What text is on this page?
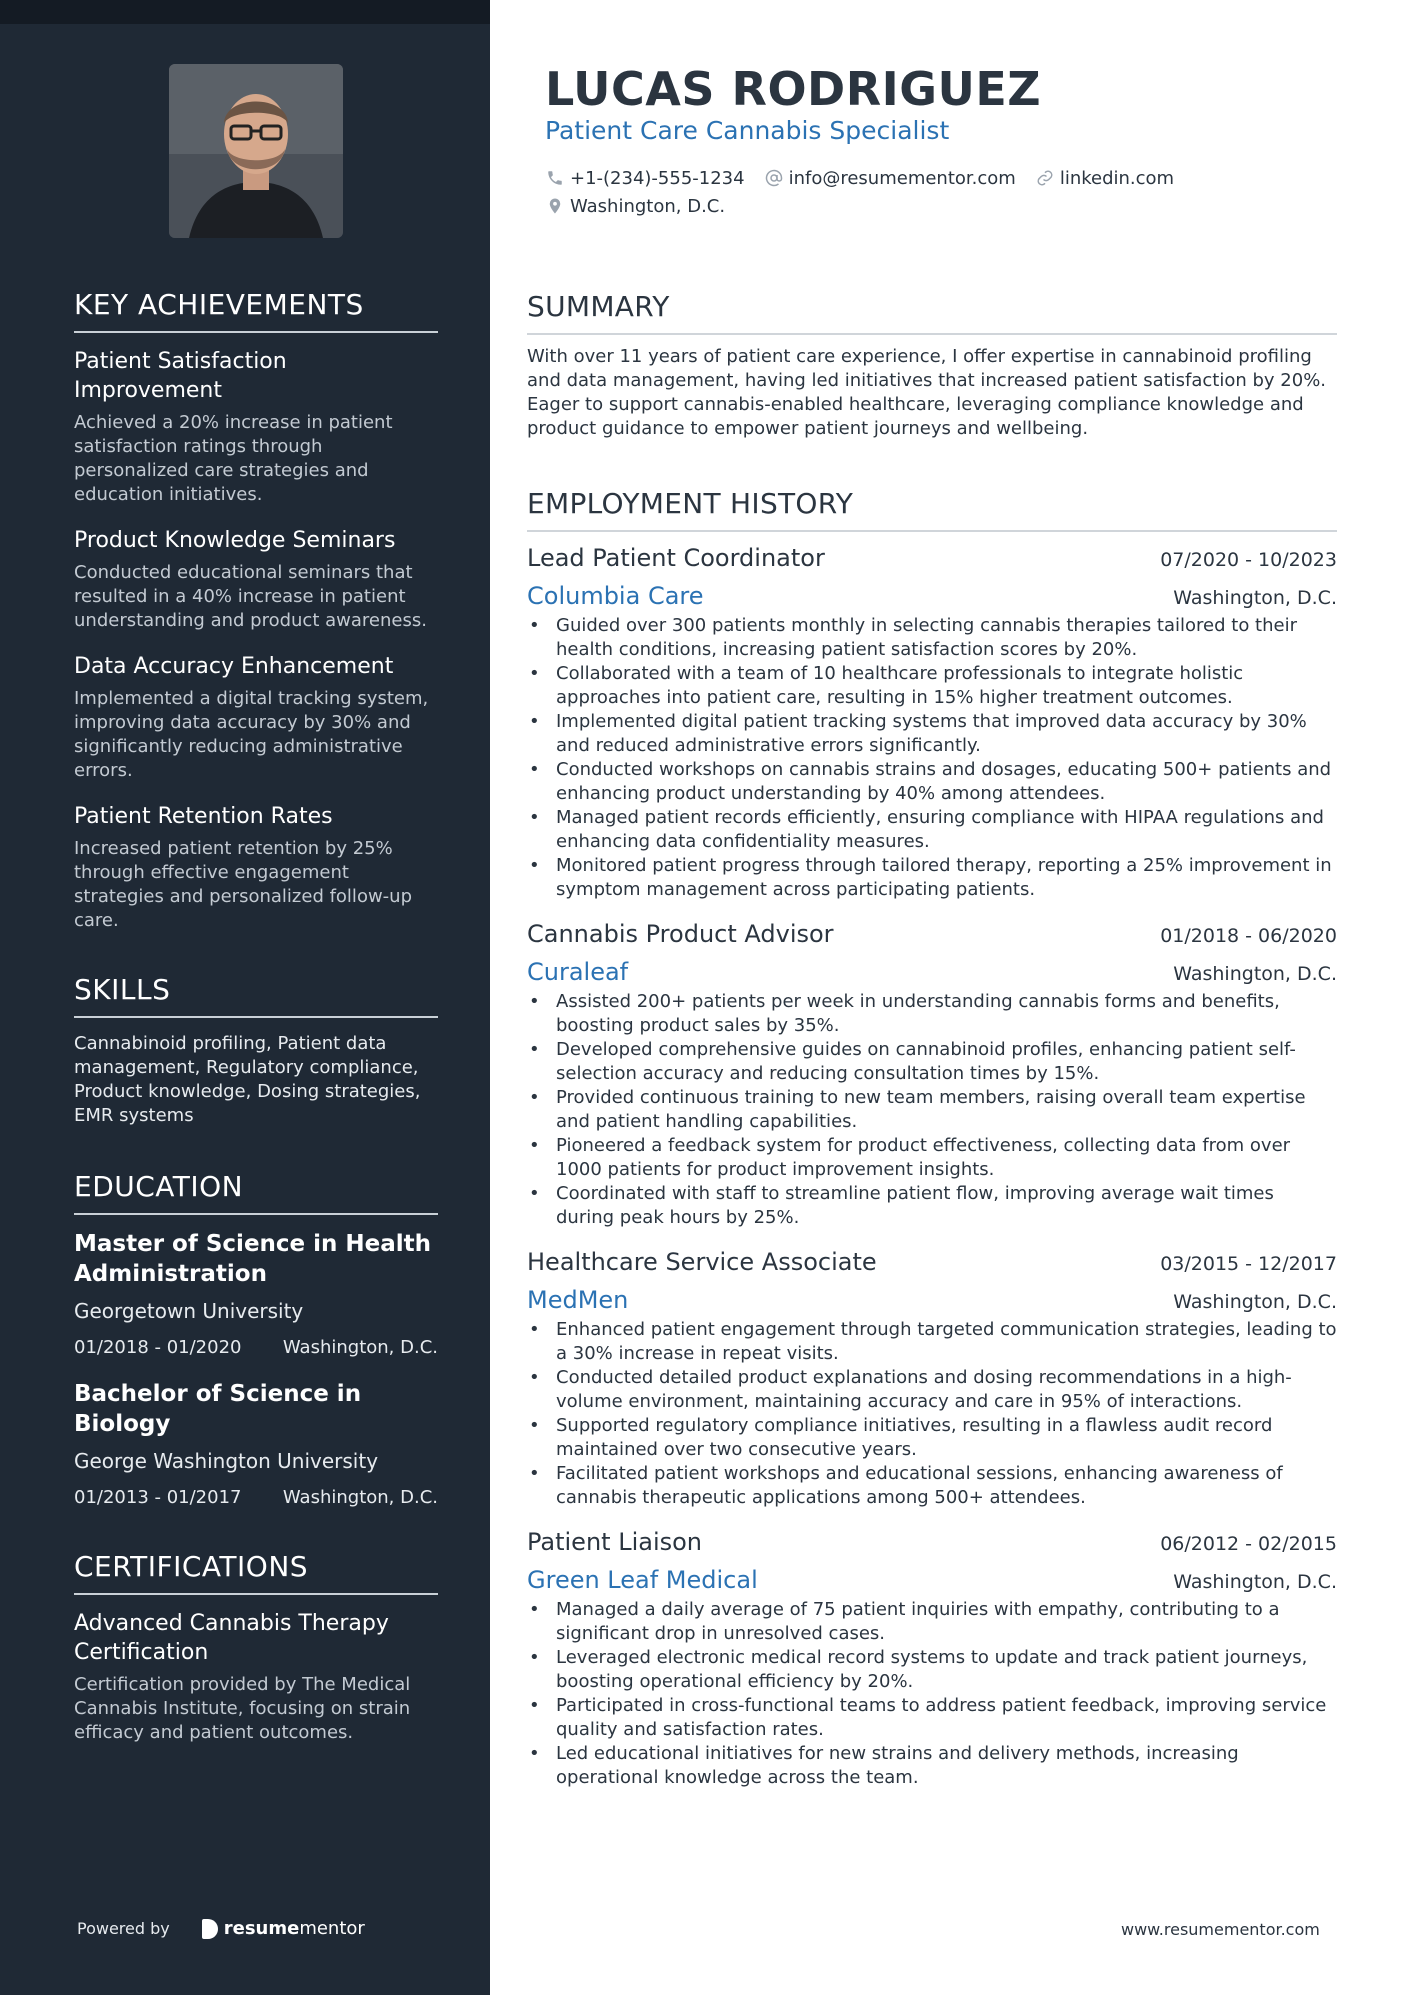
KEY ACHIEVEMENTS
Patient Satisfaction Improvement
Achieved a 20% increase in patient satisfaction ratings through personalized care strategies and education initiatives.
Product Knowledge Seminars
Conducted educational seminars that resulted in a 40% increase in patient understanding and product awareness.
Data Accuracy Enhancement
Implemented a digital tracking system, improving data accuracy by 30% and significantly reducing administrative errors.
Patient Retention Rates
Increased patient retention by 25% through effective engagement strategies and personalized follow-up care.
SKILLS
Cannabinoid profiling, Patient data management, Regulatory compliance, Product knowledge, Dosing strategies, EMR systems
EDUCATION
Master of Science in Health Administration
Georgetown University
01/2018 - 01/2020 Washington, D.C.
Bachelor of Science in Biology
George Washington University
01/2013 - 01/2017 Washington, D.C.
CERTIFICATIONS
Advanced Cannabis Therapy Certification
Certification provided by The Medical Cannabis Institute, focusing on strain efficacy and patient outcomes.
Powered by	resume mentor
LUCAS RODRIGUEZ
Patient Care Cannabis Specialist
+1-(234)-555-1234 info@resumementor.com linkedin.com
Washington, D.C.
SUMMARY

With over 11 years of patient care experience, I offer expertise in cannabinoid profiling and data management, having led initiatives that increased patient satisfaction by 20%. Eager to support cannabis-enabled healthcare, leveraging compliance knowledge and product guidance to empower patient journeys and wellbeing.

EMPLOYMENT HISTORY
Lead Patient Coordinator	07/2020 - 10/2023
Columbia Care	Washington, D.C.
• Guided over 300 patients monthly in selecting cannabis therapies tailored to their health conditions, increasing patient satisfaction scores by 20%.
• Collaborated with a team of 10 healthcare professionals to integrate holistic approaches into patient care, resulting in 15% higher treatment outcomes.
• Implemented digital patient tracking systems that improved data accuracy by 30% and reduced administrative errors significantly.
• Conducted workshops on cannabis strains and dosages, educating 500+ patients and enhancing product understanding by 40% among attendees.
• Managed patient records efficiently, ensuring compliance with HIPAA regulations and enhancing data confidentiality measures.
• Monitored patient progress through tailored therapy, reporting a 25% improvement in symptom management across participating patients.
Cannabis Product Advisor	01/2018 - 06/2020
Curaleaf	Washington, D.C.
• Assisted 200+ patients per week in understanding cannabis forms and benefits, boosting product sales by 35%.
• Developed comprehensive guides on cannabinoid profiles, enhancing patient self-selection accuracy and reducing consultation times by 15%.
• Provided continuous training to new team members, raising overall team expertise and patient handling capabilities.
• Pioneered a feedback system for product effectiveness, collecting data from over 1000 patients for product improvement insights.
• Coordinated with staff to streamline patient flow, improving average wait times during peak hours by 25%.
Healthcare Service Associate	03/2015 - 12/2017
MedMen	Washington, D.C.
• Enhanced patient engagement through targeted communication strategies, leading to a 30% increase in repeat visits.
• Conducted detailed product explanations and dosing recommendations in a high-volume environment, maintaining accuracy and care in 95% of interactions.
• Supported regulatory compliance initiatives, resulting in a flawless audit record maintained over two consecutive years.
• Facilitated patient workshops and educational sessions, enhancing awareness of cannabis therapeutic applications among 500+ attendees.
Patient Liaison	06/2012 - 02/2015
Green Leaf Medical	Washington, D.C.
• Managed a daily average of 75 patient inquiries with empathy, contributing to a significant drop in unresolved cases.
• Leveraged electronic medical record systems to update and track patient journeys, boosting operational efficiency by 20%.
• Participated in cross-functional teams to address patient feedback, improving service quality and satisfaction rates.
• Led educational initiatives for new strains and delivery methods, increasing operational knowledge across the team.
www.resumementor.com
